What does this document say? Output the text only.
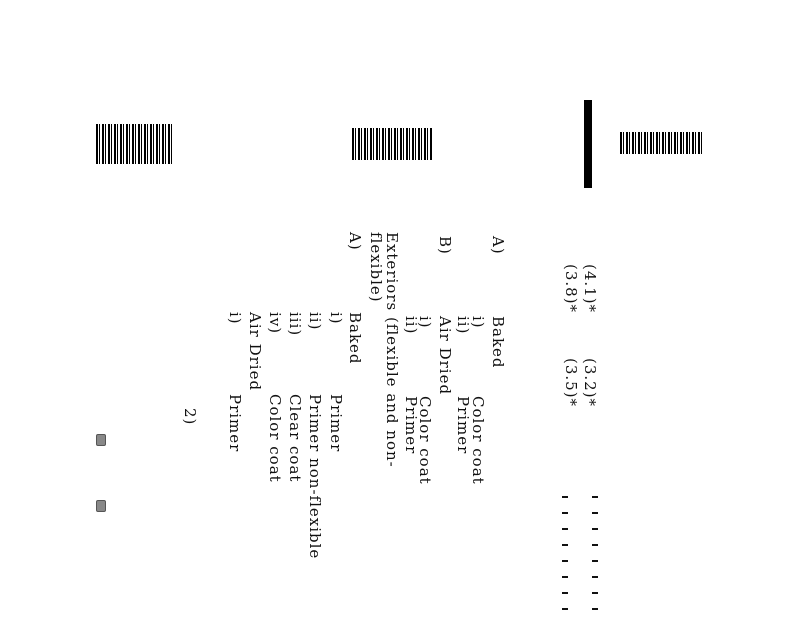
A)
Baked
i)
Color coat
ii)
Primer
B)
Air Dried
i)
Color coat
ii)
Primer
(4.1)*
(3.8)*
(3.2)*
(3.5)*
Exteriors (flexible and non-
flexible)
A)
Baked
i)
Primer
ii)
Primer non-flexible
iii)
Clear coat
iv)
Color coat
Air Dried
i)
Primer
2)
